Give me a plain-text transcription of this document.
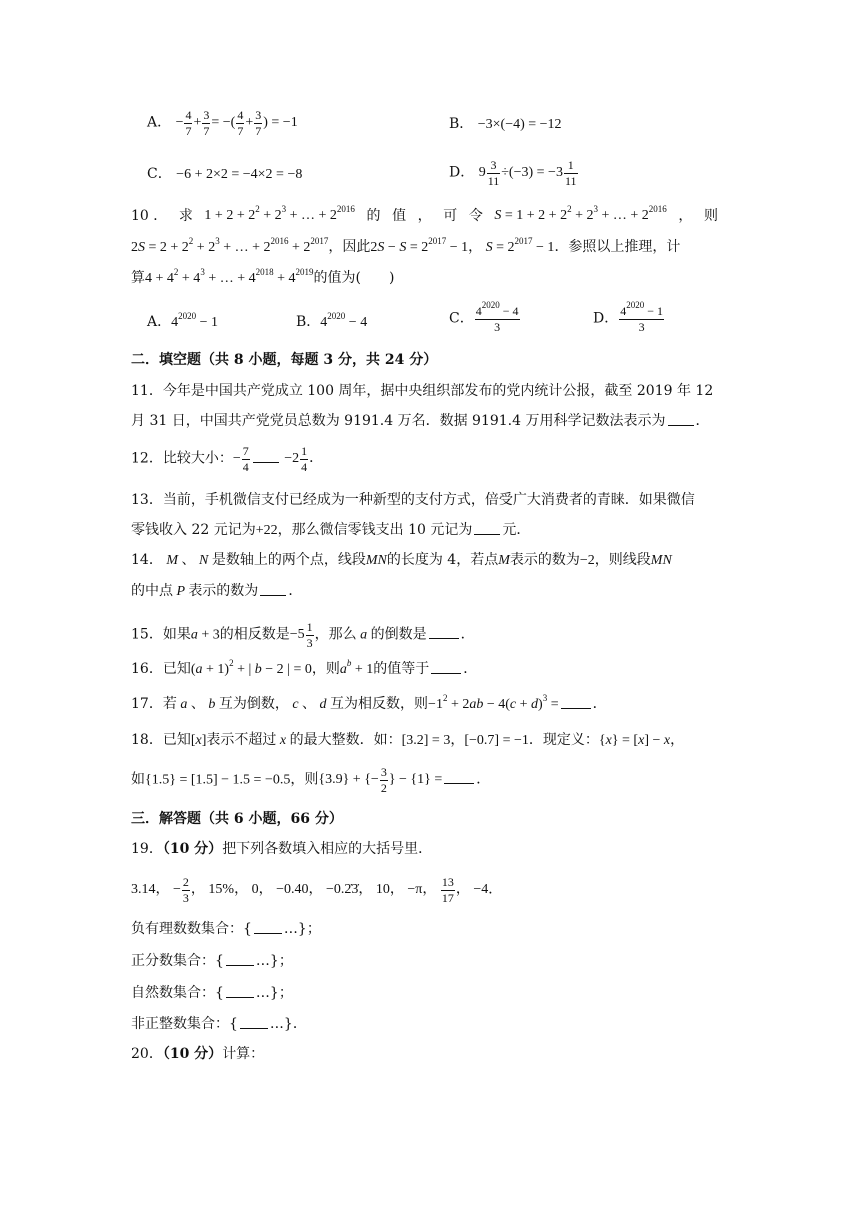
A． − $\frac{4}{7} + \frac{3}{7}$ = −( $\frac{4}{7} + \frac{3}{7}$ ) = −1	B． −3×(−4) = −12
C． −6 + 2×2 = −4×2 = −8	D． $9 \frac{3}{11} \div(-3) = -3 \frac{1}{11}$
10 ． 求 $1 + 2 + 2^2 + 2^3$ + … + $2^{2016}$ 的 值 ， 可 令 $S = 1 + 2 + 2^2 + 2^3$ + … + $2^{2016}$ ， 则
$2S = 2 + 2^2 + 2^3$ + … + $2^{2016} + 2^{2017}$，因此$2S - S = 2^{2017} - 1$， $S = 2^{2017} - 1$．参照以上推理，计
算$4 + 4^2 + 4^3$ + … + $4^{2018} + 4^{2019}$的值为(　　)
A．$4^{2020} - 1$	B．$4^{2020} - 4$	C． $\frac{4^{2020} - 4}{3}$	D． $\frac{4^{2020} - 1}{3}$
二．填空题（共 8 小题，每题 3 分，共 24 分）
11．今年是中国共产党成立 100 周年，据中央组织部发布的党内统计公报，截至 2019 年 12
月 31 日，中国共产党党员总数为 9191.4 万名．数据 9191.4 万用科学记数法表示为 ．
12．比较大小：− $\frac{7}{4} -2 \frac{1}{4}$ ．
13．当前，手机微信支付已经成为一种新型的支付方式，倍受广大消费者的青睐．如果微信
零钱收入 22 元记为+22，那么微信零钱支出 10 元记为 元．
14． M 、 N 是数轴上的两个点，线段MN的长度为 4，若点M表示的数为−2，则线段MN
的中点 P 表示的数为 ．
15．如果a + 3的相反数是$-5 \frac{1}{3}$ ，那么 a 的倒数是 ．
16．已知$(a + 1)^2$ + | b − 2 | = 0，则$a^b + 1$的值等于 ．
17．若 a 、 b 互为倒数， c 、 d 互为相反数，则$-1^2 + 2ab - 4(c + d)^3$ = ．
18．已知[x]表示不超过 x 的最大整数．如：[3.2] = 3，[−0.7] = −1．现定义：{x} = [x] − x，
如{1.5} = [1.5] − 1.5 = −0.5，则{3.9} + {− $\frac{3}{2}$ } − {1} = ．
三．解答题（共 6 小题，66 分）
19．（10 分）把下列各数填入相应的大括号里．
3.14， − $\frac{2}{3}$ ， 15%， 0， −0.40， −0.2̇3̇， 10， −π， $\frac{13}{17}$ ， −4．
负有理数数集合：{ …}；
正分数集合：{ …}；
自然数集合：{ …}；
非正整数集合：{ …}．
20．（10 分）计算：
